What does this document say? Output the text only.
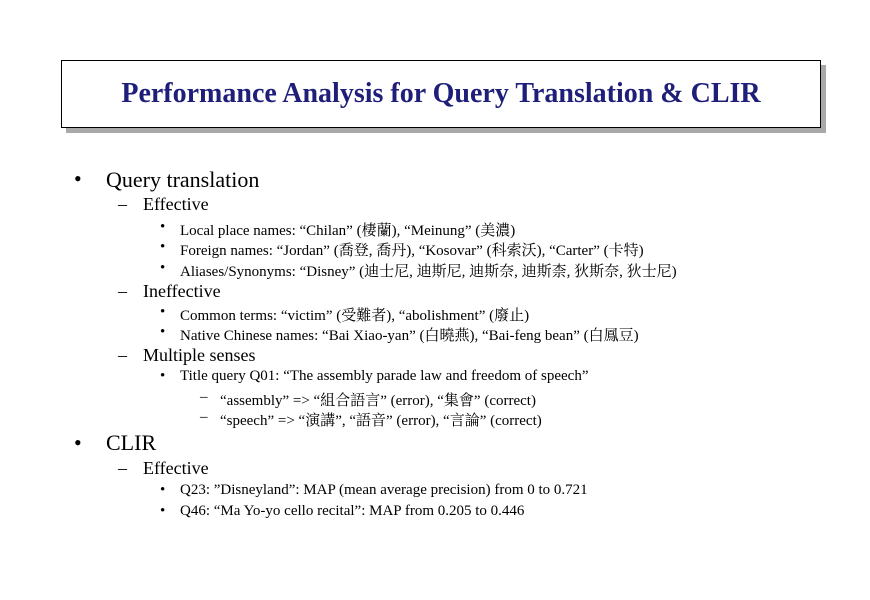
Performance Analysis for Query Translation & CLIR
• Query translation
– Effective
• Local place names: “Chilan” (棲蘭), “Meinung” (美濃)
• Foreign names: “Jordan” (喬登, 喬丹), “Kosovar” (科索沃), “Carter” (卡特)
• Aliases/Synonyms: “Disney” (迪士尼, 迪斯尼, 迪斯奈, 迪斯柰, 狄斯奈, 狄士尼)
– Ineffective
• Common terms: “victim” (受難者), “abolishment” (廢止)
• Native Chinese names: “Bai Xiao-yan” (白曉燕), “Bai-feng bean” (白鳳豆)
– Multiple senses
• Title query Q01: “The assembly parade law and freedom of speech”
– “assembly” => “組合語言” (error), “集會” (correct)
– “speech” => “演講”, “語音” (error), “言論” (correct)
• CLIR
– Effective
• Q23: ”Disneyland”: MAP (mean average precision) from 0 to 0.721
• Q46: “Ma Yo-yo cello recital”: MAP from 0.205 to 0.446
